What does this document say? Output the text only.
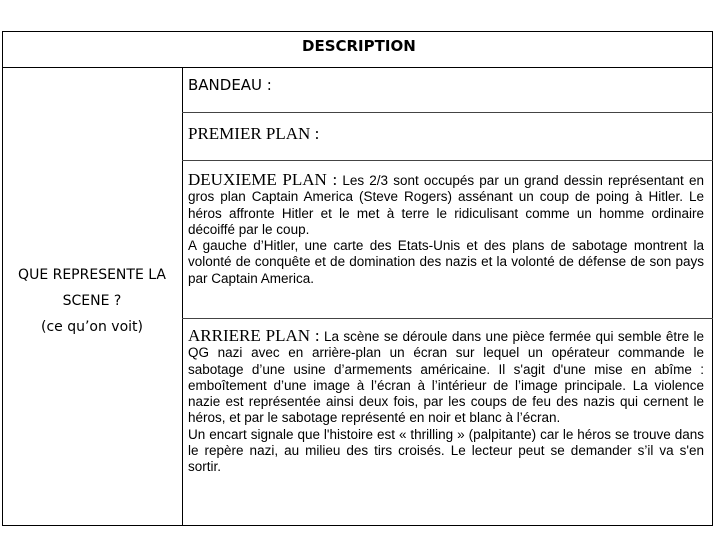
DESCRIPTION
QUE REPRESENTE LA
SCENE ?
(ce qu’on voit)
BANDEAU :
PREMIER PLAN :

DEUXIEME PLAN : Les 2/3 sont occupés par un grand dessin représentant en gros plan Captain America (Steve Rogers) assénant un coup de poing à Hitler. Le héros affronte Hitler et le met à terre le ridiculisant comme un homme ordinaire décoiffé par le coup.

A gauche d’Hitler, une carte des Etats-Unis et des plans de sabotage montrent la volonté de conquête et de domination des nazis et la volonté de défense de son pays par Captain America.

ARRIERE PLAN : La scène se déroule dans une pièce fermée qui semble être le QG nazi avec en arrière-plan un écran sur lequel un opérateur commande le sabotage d’une usine d’armements américaine. Il s'agit d'une mise en abîme : emboîtement d’une image à l’écran à l’intérieur de l’image principale. La violence nazie est représentée ainsi deux fois, par les coups de feu des nazis qui cernent le héros, et par le sabotage représenté en noir et blanc à l’écran.

Un encart signale que l'histoire est « thrilling » (palpitante) car le héros se trouve dans le repère nazi, au milieu des tirs croisés. Le lecteur peut se demander s’il va s'en sortir.
